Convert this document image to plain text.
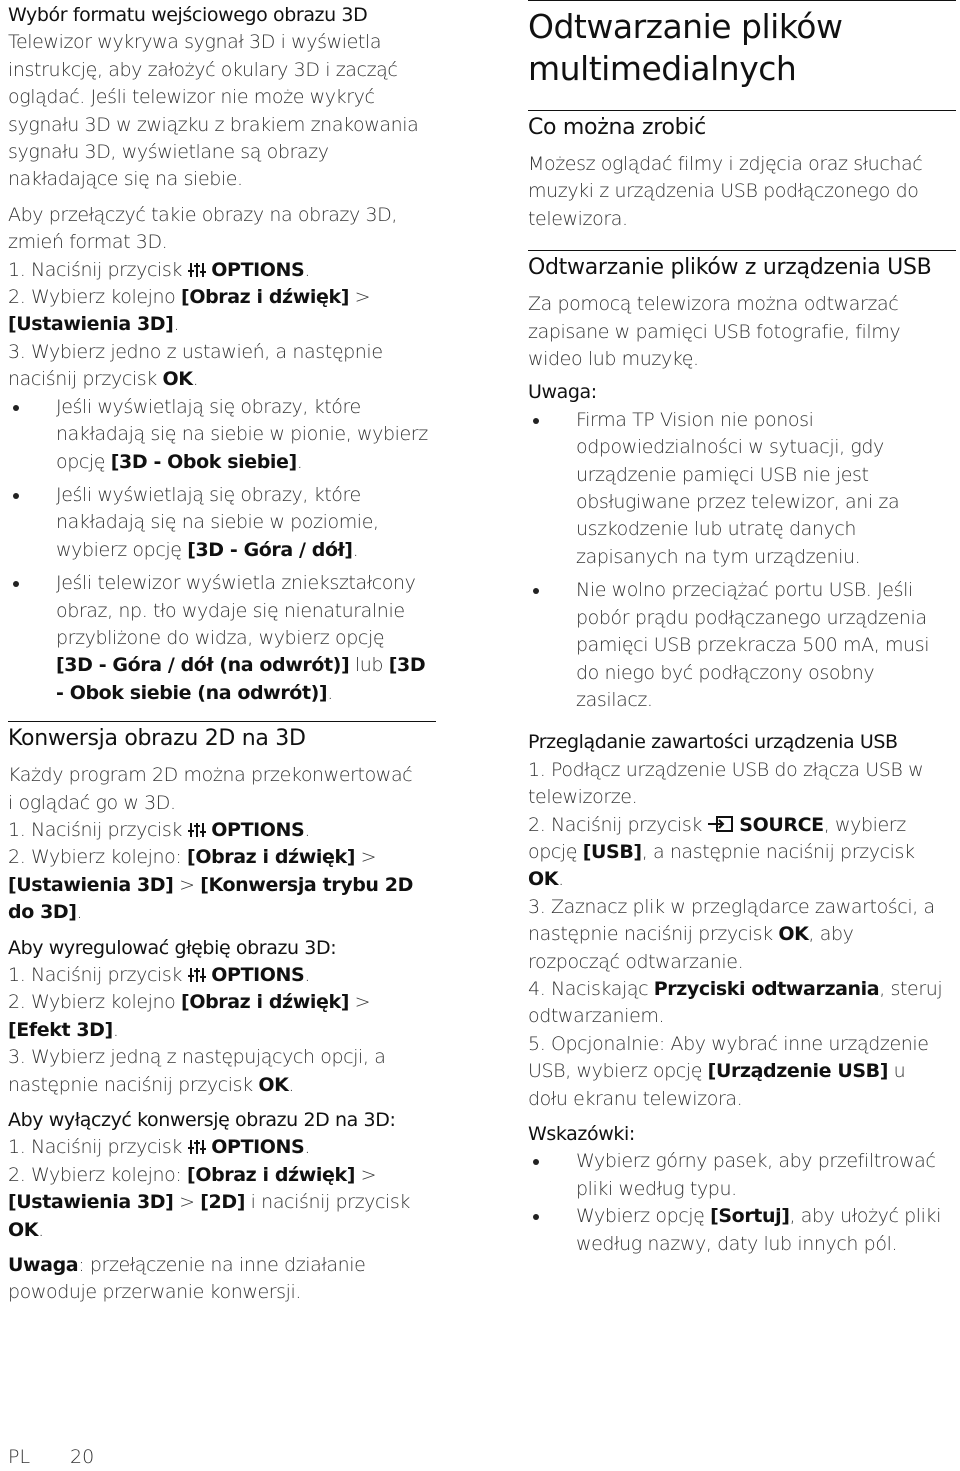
Wybór formatu wejściowego obrazu 3D

Telewizor wykrywa sygnał 3D i wyświetla

instrukcję, aby założyć okulary 3D i zacząć

oglądać. Jeśli telewizor nie może wykryć

sygnału 3D w związku z brakiem znakowania

sygnału 3D, wyświetlane są obrazy

nakładające się na siebie.

Aby przełączyć takie obrazy na obrazy 3D,

zmień format 3D.

1. Naciśnij przycisk  OPTIONS.

2. Wybierz kolejno [Obraz i dźwięk] >

[Ustawienia 3D].

3. Wybierz jedno z ustawień, a następnie

naciśnij przycisk OK.

Jeśli wyświetlają się obrazy, które
nakładają się na siebie w pionie, wybierz
opcję [3D - Obok siebie].
Jeśli wyświetlają się obrazy, które
nakładają się na siebie w poziomie,
wybierz opcję [3D - Góra / dół].
Jeśli telewizor wyświetla zniekształcony
obraz, np. tło wydaje się nienaturalnie
przybliżone do widza, wybierz opcję
[3D - Góra / dół (na odwrót)] lub [3D
- Obok siebie (na odwrót)].

Konwersja obrazu 2D na 3D

Każdy program 2D można przekonwertować

i oglądać go w 3D.

1. Naciśnij przycisk  OPTIONS.

2. Wybierz kolejno: [Obraz i dźwięk] >

[Ustawienia 3D] > [Konwersja trybu 2D

do 3D].

Aby wyregulować głębię obrazu 3D:

1. Naciśnij przycisk  OPTIONS.

2. Wybierz kolejno [Obraz i dźwięk] >

[Efekt 3D].

3. Wybierz jedną z następujących opcji, a

następnie naciśnij przycisk OK.

Aby wyłączyć konwersję obrazu 2D na 3D:

1. Naciśnij przycisk  OPTIONS.

2. Wybierz kolejno: [Obraz i dźwięk] >

[Ustawienia 3D] > [2D] i naciśnij przycisk

OK.

Uwaga: przełączenie na inne działanie

powoduje przerwanie konwersji.

Odtwarzanie plików

multimedialnych

Co można zrobić

Możesz oglądać filmy i zdjęcia oraz słuchać

muzyki z urządzenia USB podłączonego do

telewizora.

Odtwarzanie plików z urządzenia USB

Za pomocą telewizora można odtwarzać

zapisane w pamięci USB fotografie, filmy

wideo lub muzykę.

Uwaga:

Firma TP Vision nie ponosi
odpowiedzialności w sytuacji, gdy
urządzenie pamięci USB nie jest
obsługiwane przez telewizor, ani za
uszkodzenie lub utratę danych
zapisanych na tym urządzeniu.
Nie wolno przeciążać portu USB. Jeśli
pobór prądu podłączanego urządzenia
pamięci USB przekracza 500 mA, musi
do niego być podłączony osobny
zasilacz.

Przeglądanie zawartości urządzenia USB

1. Podłącz urządzenie USB do złącza USB w

telewizorze.

2. Naciśnij przycisk  SOURCE, wybierz

opcję [USB], a następnie naciśnij przycisk

OK.

3. Zaznacz plik w przeglądarce zawartości, a

następnie naciśnij przycisk OK, aby

rozpocząć odtwarzanie.

4. Naciskając Przyciski odtwarzania, steruj

odtwarzaniem.

5. Opcjonalnie: Aby wybrać inne urządzenie

USB, wybierz opcję [Urządzenie USB] u

dołu ekranu telewizora.

Wskazówki:

Wybierz górny pasek, aby przefiltrować
pliki według typu.
Wybierz opcję [Sortuj], aby ułożyć pliki
według nazwy, daty lub innych pól.
PL 20
